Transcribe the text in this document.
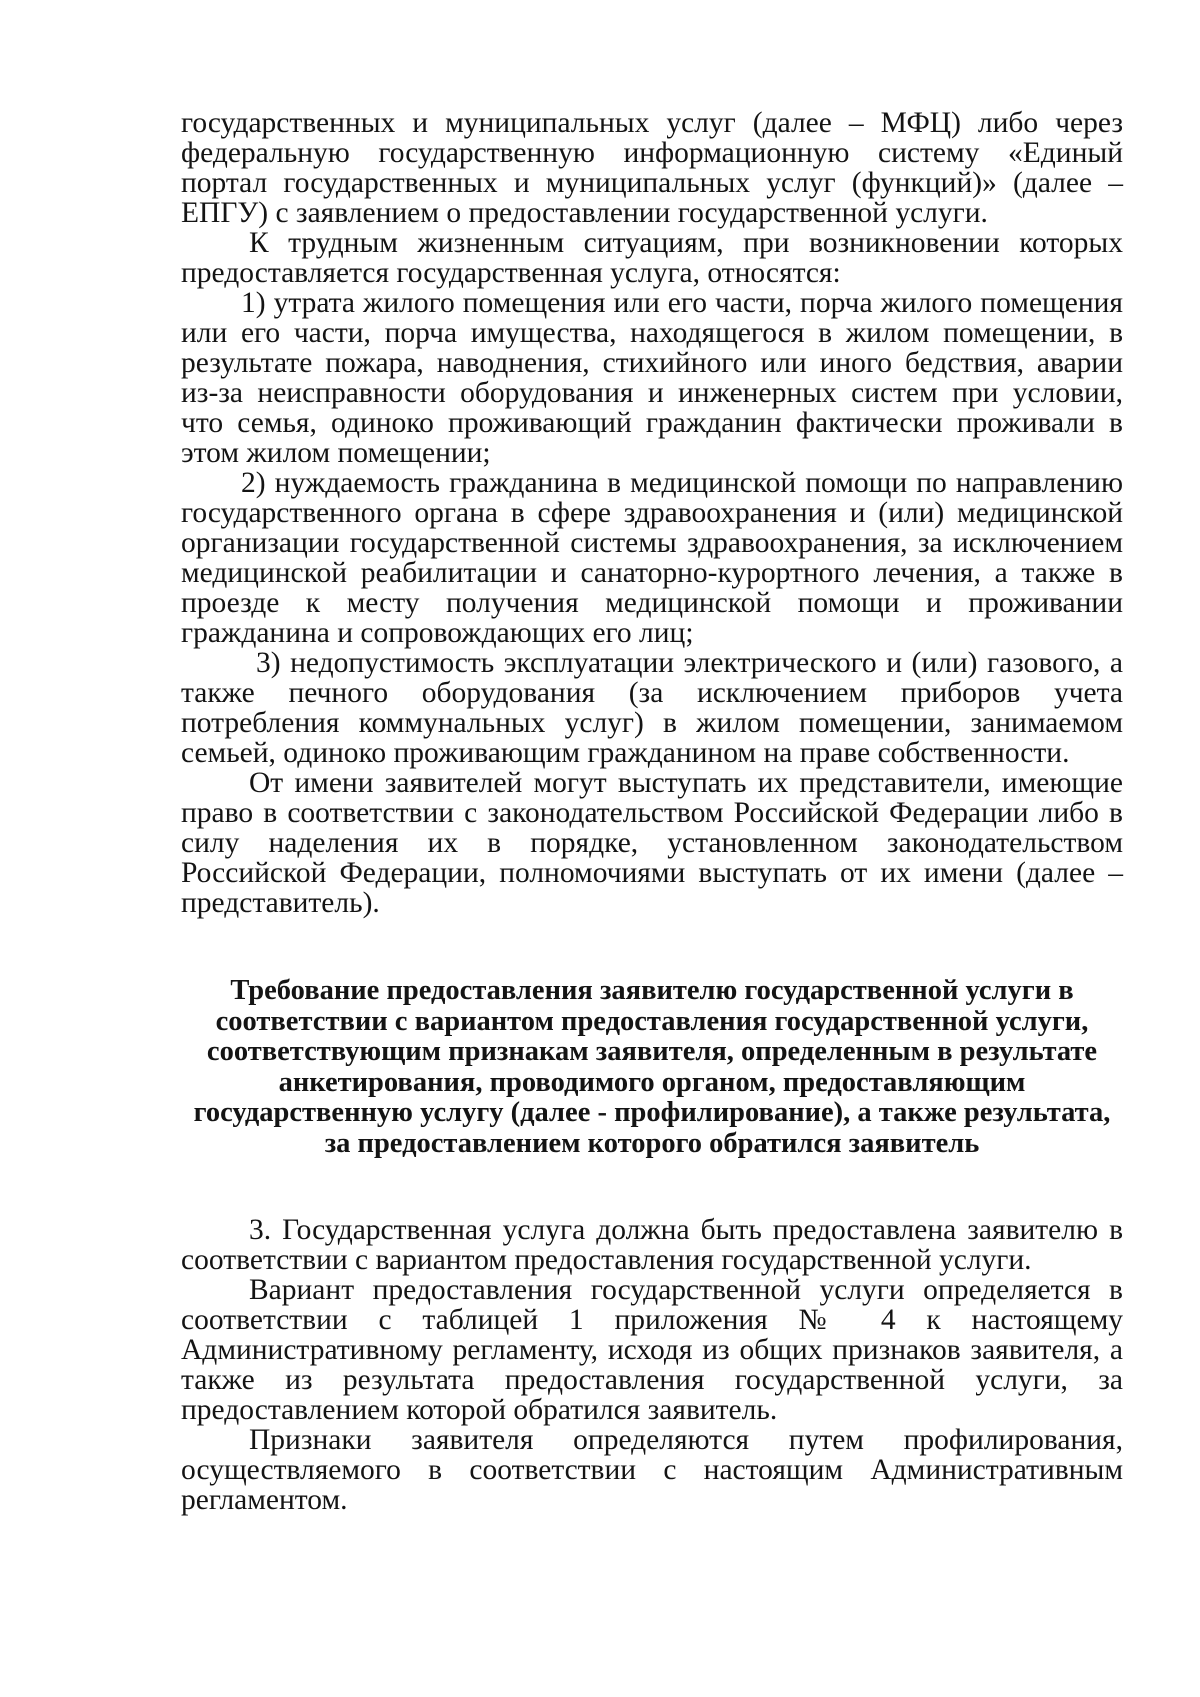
государственных и муниципальных услуг (далее – МФЦ) либо через федеральную государственную информационную систему «Единый портал государственных и муниципальных услуг (функций)» (далее – ЕПГУ) с заявлением о предоставлении государственной услуги.

К трудным жизненным ситуациям, при возникновении которых предоставляется государственная услуга, относятся:

1) утрата жилого помещения или его части, порча жилого помещения или его части, порча имущества, находящегося в жилом помещении, в результате пожара, наводнения, стихийного или иного бедствия, аварии из-за неисправности оборудования и инженерных систем при условии, что семья, одиноко проживающий гражданин фактически проживали в этом жилом помещении;

2) нуждаемость гражданина в медицинской помощи по направлению государственного органа в сфере здравоохранения и (или) медицинской организации государственной системы здравоохранения, за исключением медицинской реабилитации и санаторно-курортного лечения, а также в проезде к месту получения медицинской помощи и проживании гражданина и сопровождающих его лиц;

3) недопустимость эксплуатации электрического и (или) газового, а также печного оборудования (за исключением приборов учета потребления коммунальных услуг) в жилом помещении, занимаемом семьей, одиноко проживающим гражданином на праве собственности.

От имени заявителей могут выступать их представители, имеющие право в соответствии с законодательством Российской Федерации либо в силу наделения их в порядке, установленном законодательством Российской Федерации, полномочиями выступать от их имени (далее – представитель).

Требование предоставления заявителю государственной услуги в соответствии с вариантом предоставления государственной услуги, соответствующим признакам заявителя, определенным в результате анкетирования, проводимого органом, предоставляющим государственную услугу (далее - профилирование), а также результата, за предоставлением которого обратился заявитель

3. Государственная услуга должна быть предоставлена заявителю в соответствии с вариантом предоставления государственной услуги.

Вариант предоставления государственной услуги определяется в соответствии с таблицей 1 приложения № 4 к настоящему Административному регламенту, исходя из общих признаков заявителя, а также из результата предоставления государственной услуги, за предоставлением которой обратился заявитель.

Признаки заявителя определяются путем профилирования, осуществляемого в соответствии с настоящим Административным регламентом.
